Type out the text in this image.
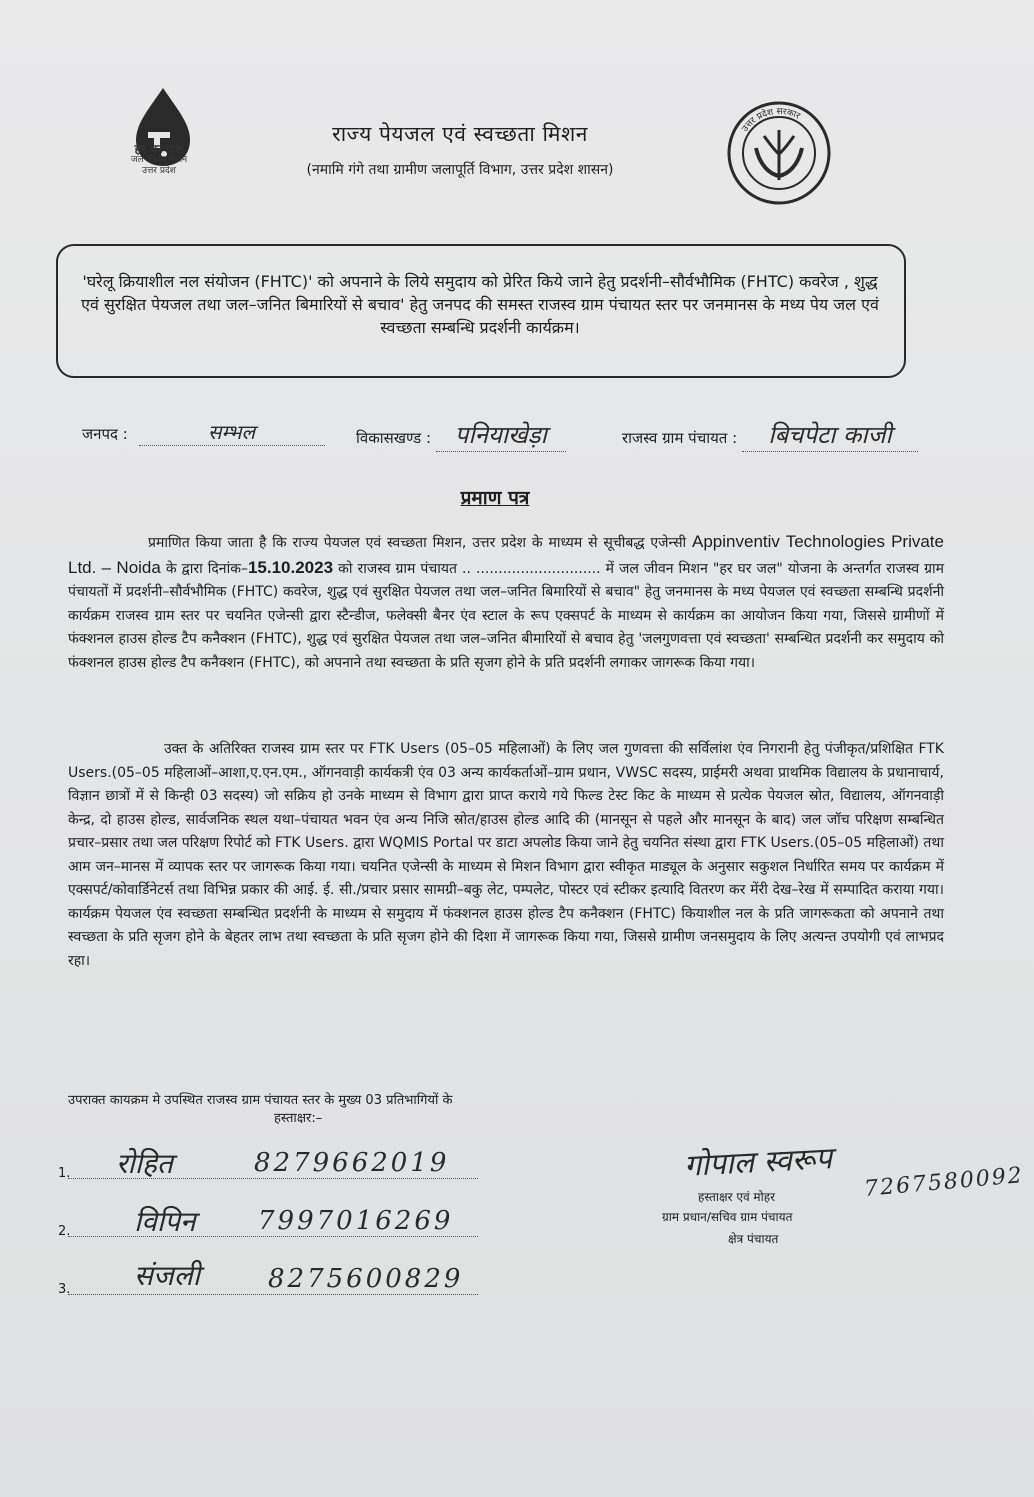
हर घर जल
जल जीवन मिशन
उत्तर प्रदेश
उत्तर प्रदेश सरकार
राज्य पेयजल एवं स्वच्छता मिशन
(नमामि गंगे तथा ग्रामीण जलापूर्ति विभाग, उत्तर प्रदेश शासन)
'घरेलू क्रियाशील नल संयोजन (FHTC)' को अपनाने के लिये समुदाय को प्रेरित किये जाने हेतु प्रदर्शनी–सौर्वभौमिक (FHTC) कवरेज , शुद्ध एवं सुरक्षित पेयजल तथा जल–जनित बिमारियों से बचाव' हेतु जनपद की समस्त राजस्व ग्राम पंचायत स्तर पर जनमानस के मध्य पेय जल एवं स्वच्छता सम्बन्धि प्रदर्शनी कार्यक्रम।
जनपद :	सम्भल	विकासखण्ड : पनियाखेड़ा	राजस्व ग्राम पंचायत : बिचपेटा काजी
प्रमाण पत्र
प्रमाणित किया जाता है कि राज्य पेयजल एवं स्वच्छता मिशन, उत्तर प्रदेश के माध्यम से सूचीबद्ध एजेन्सी Appinventiv Technologies Private Ltd. – Noida के द्वारा दिनांक–15.10.2023 को राजस्व ग्राम पंचायत .. ............................ में जल जीवन मिशन "हर घर जल" योजना के अन्तर्गत राजस्व ग्राम पंचायतों में प्रदर्शनी–सौर्वभौमिक (FHTC) कवरेज, शुद्ध एवं सुरक्षित पेयजल तथा जल–जनित बिमारियों से बचाव" हेतु जनमानस के मध्य पेयजल एवं स्वच्छता सम्बन्धि प्रदर्शनी कार्यक्रम राजस्व ग्राम स्तर पर चयनित एजेन्सी द्वारा स्टैन्डीज, फलेक्सी बैनर एंव स्टाल के रूप एक्सपर्ट के माध्यम से कार्यक्रम का आयोजन किया गया, जिससे ग्रामीणों में फंक्शनल हाउस होल्ड टैप कनैक्शन (FHTC), शुद्ध एवं सुरक्षित पेयजल तथा जल–जनित बीमारियों से बचाव हेतु 'जलगुणवत्ता एवं स्वच्छता' सम्बन्धित प्रदर्शनी कर समुदाय को फंक्शनल हाउस होल्ड टैप कनैक्शन (FHTC), को अपनाने तथा स्वच्छता के प्रति सृजग होने के प्रति प्रदर्शनी लगाकर जागरूक किया गया।
उक्त के अतिरिक्त राजस्व ग्राम स्तर पर FTK Users (05–05 महिलाओं) के लिए जल गुणवत्ता की सर्विलांश एंव निगरानी हेतु पंजीकृत/प्रशिक्षित FTK Users.(05–05 महिलाओं–आशा,ए.एन.एम., ऑगनवाड़ी कार्यकत्री एंव 03 अन्य कार्यकर्ताओं–ग्राम प्रधान, VWSC सदस्य, प्राईमरी अथवा प्राथमिक विद्यालय के प्रधानाचार्य, विज्ञान छात्रों में से किन्ही 03 सदस्य) जो सक्रिय हो उनके माध्यम से विभाग द्वारा प्राप्त कराये गये फिल्ड टेस्ट किट के माध्यम से प्रत्येक पेयजल स्रोत, विद्यालय, ऑगनवाड़ी केन्द्र, दो हाउस होल्ड, सार्वजनिक स्थल यथा–पंचायत भवन एंव अन्य निजि स्रोत/हाउस होल्ड आदि की (मानसून से पहले और मानसून के बाद) जल जॉच परिक्षण सम्बन्धित प्रचार–प्रसार तथा जल परिक्षण रिपोर्ट को FTK Users. द्वारा WQMIS Portal पर डाटा अपलोड किया जाने हेतु चयनित संस्था द्वारा FTK Users.(05–05 महिलाओं) तथा आम जन–मानस में व्यापक स्तर पर जागरूक किया गया। चयनित एजेन्सी के माध्यम से मिशन विभाग द्वारा स्वीकृत माड्यूल के अनुसार सकुशल निर्धारित समय पर कार्यक्रम में एक्सपर्ट/कोवार्डिनेटर्स तथा विभिन्न प्रकार की आई. ई. सी./प्रचार प्रसार सामग्री–बकु लेट, पम्पलेट, पोस्टर एवं स्टीकर इत्यादि वितरण कर मेंरी देख–रेख में सम्पादित कराया गया। कार्यक्रम पेयजल एंव स्वच्छता सम्बन्धित प्रदर्शनी के माध्यम से समुदाय में फंक्शनल हाउस होल्ड टैप कनैक्शन (FHTC) कियाशील नल के प्रति जागरूकता को अपनाने तथा स्वच्छता के प्रति सृजग होने के बेहतर लाभ तथा स्वच्छता के प्रति सृजग होने की दिशा में जागरूक किया गया, जिससे ग्रामीण जनसमुदाय के लिए अत्यन्त उपयोगी एवं लाभप्रद रहा।
उपराक्त कायक्रम मे उपस्थित राजस्व ग्राम पंचायत स्तर के मुख्य 03 प्रतिभागियों के
हस्ताक्षर:–
1. रोहित	8279662019
2. विपिन 7997016269
3. संजली	8275600829
गोपाल स्वरूप 7267580092
हस्ताक्षर एवं मोहर
ग्राम प्रधान/सचिव ग्राम पंचायत
क्षेत्र पंचायत
